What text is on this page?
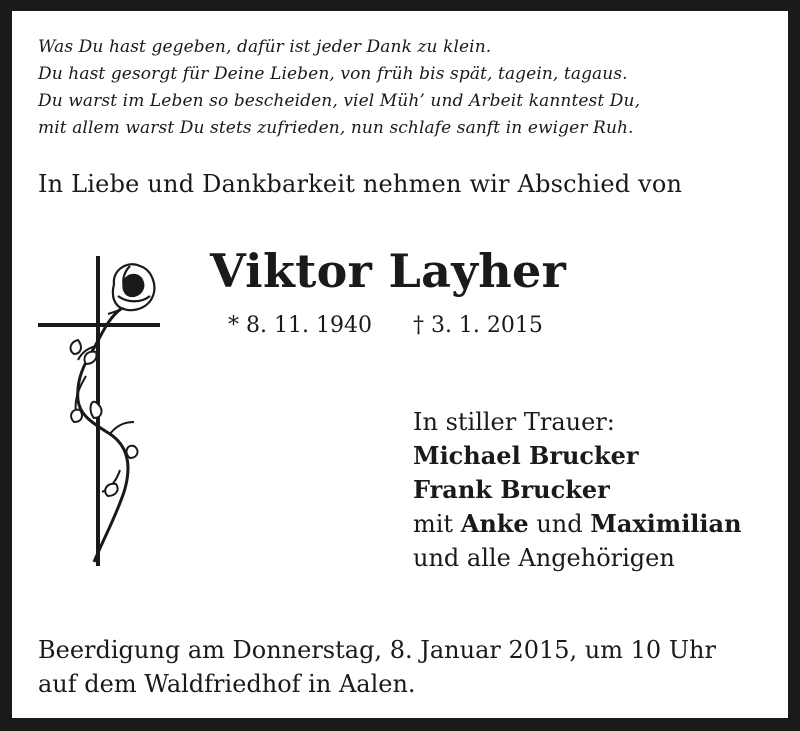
Was Du hast gegeben, dafür ist jeder Dank zu klein.
Du hast gesorgt für Deine Lieben, von früh bis spät, tagein, tagaus.
Du warst im Leben so bescheiden, viel Müh’ und Arbeit kanntest Du,
mit allem warst Du stets zufrieden, nun schlafe sanft in ewiger Ruh.
In Liebe und Dankbarkeit nehmen wir Abschied von
Viktor Layher
* 8. 11. 1940 † 3. 1. 2015
In stiller Trauer:
Michael Brucker
Frank Brucker
mit Anke und Maximilian
und alle Angehörigen
Beerdigung am Donnerstag, 8. Januar 2015, um 10 Uhr
auf dem Waldfriedhof in Aalen.
